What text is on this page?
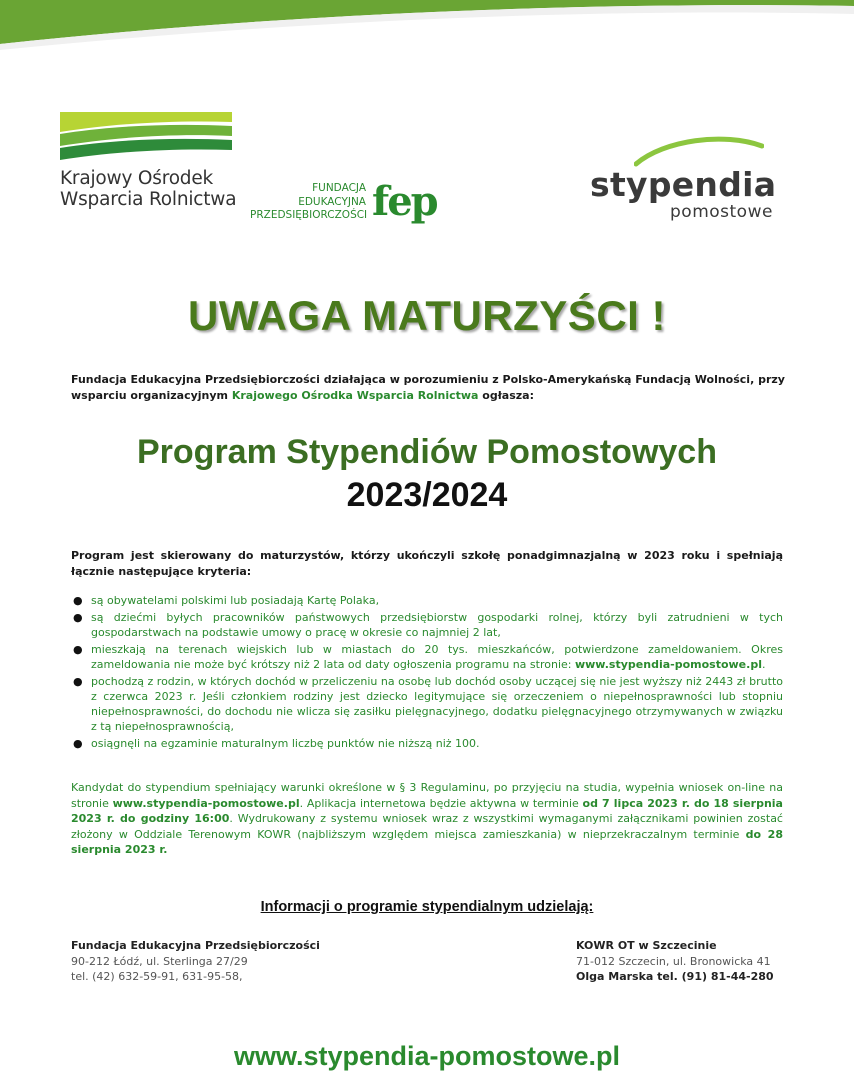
Krajowy Ośrodek
Wsparcia Rolnictwa
FUNDACJA
EDUKACYJNA
PRZEDSIĘBIORCZOŚCI fep	stypendia
pomostowe
UWAGA MATURZYŚCI !
Fundacja Edukacyjna Przedsiębiorczości działająca w porozumieniu z Polsko-Amerykańską Fundacją Wolności, przy wsparciu organizacyjnym Krajowego Ośrodka Wsparcia Rolnictwa ogłasza:
Program Stypendiów Pomostowych
2023/2024
Program jest skierowany do maturzystów, którzy ukończyli szkołę ponadgimnazjalną w 2023 roku i spełniają łącznie następujące kryteria:
● są obywatelami polskimi lub posiadają Kartę Polaka,
● są dziećmi byłych pracowników państwowych przedsiębiorstw gospodarki rolnej, którzy byli zatrudnieni w tych gospodarstwach na podstawie umowy o pracę w okresie co najmniej 2 lat,
● mieszkają na terenach wiejskich lub w miastach do 20 tys. mieszkańców, potwierdzone zameldowaniem. Okres zameldowania nie może być krótszy niż 2 lata od daty ogłoszenia programu na stronie: www.stypendia-pomostowe.pl.
● pochodzą z rodzin, w których dochód w przeliczeniu na osobę lub dochód osoby uczącej się nie jest wyższy niż 2443 zł brutto z czerwca 2023 r. Jeśli członkiem rodziny jest dziecko legitymujące się orzeczeniem o niepełnosprawności lub stopniu niepełnosprawności, do dochodu nie wlicza się zasiłku pielęgnacyjnego, dodatku pielęgnacyjnego otrzymywanych w związku z tą niepełnosprawnością,
● osiągnęli na egzaminie maturalnym liczbę punktów nie niższą niż 100.
Kandydat do stypendium spełniający warunki określone w § 3 Regulaminu, po przyjęciu na studia, wypełnia wniosek on-line na stronie www.stypendia-pomostowe.pl. Aplikacja internetowa będzie aktywna w terminie od 7 lipca 2023 r. do 18 sierpnia 2023 r. do godziny 16:00. Wydrukowany z systemu wniosek wraz z wszystkimi wymaganymi załącznikami powinien zostać złożony w Oddziale Terenowym KOWR (najbliższym względem miejsca zamieszkania) w nieprzekraczalnym terminie do 28 sierpnia 2023 r.
Informacji o programie stypendialnym udzielają:
Fundacja Edukacyjna Przedsiębiorczości
90-212 Łódź, ul. Sterlinga 27/29
tel. (42) 632-59-91, 631-95-58,
KOWR OT w Szczecinie
71-012 Szczecin, ul. Bronowicka 41
Olga Marska tel. (91) 81-44-280
www.stypendia-pomostowe.pl
